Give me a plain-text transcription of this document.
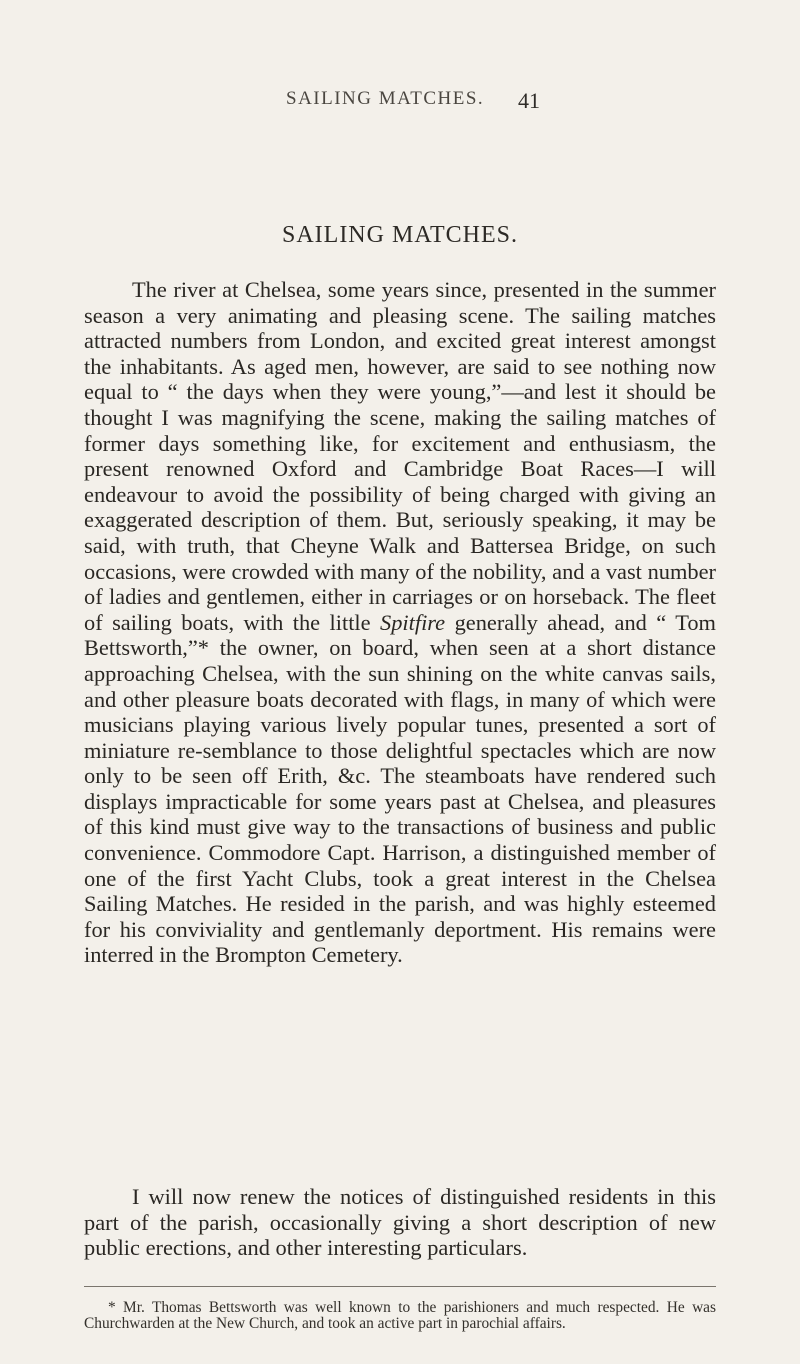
SAILING MATCHES. 41
SAILING MATCHES.

The river at Chelsea, some years since, presented in the summer season a very animating and pleasing scene. The sailing matches attracted numbers from London, and excited great interest amongst the inhabitants. As aged men, however, are said to see nothing now equal to “ the days when they were young,”—and lest it should be thought I was magnifying the scene, making the sailing matches of former days something like, for excitement and enthusiasm, the present renowned Oxford and Cambridge Boat Races—I will endeavour to avoid the possibility of being charged with giving an exaggerated description of them. But, seriously speaking, it may be said, with truth, that Cheyne Walk and Battersea Bridge, on such occasions, were crowded with many of the nobility, and a vast number of ladies and gentlemen, either in carriages or on horseback. The fleet of sailing boats, with the little Spitfire generally ahead, and “ Tom Bettsworth,”* the owner, on board, when seen at a short distance approaching Chelsea, with the sun shining on the white canvas sails, and other pleasure boats decorated with flags, in many of which were musicians playing various lively popular tunes, presented a sort of miniature re-semblance to those delightful spectacles which are now only to be seen off Erith, &c. The steamboats have rendered such displays impracticable for some years past at Chelsea, and pleasures of this kind must give way to the transactions of business and public convenience. Commodore Capt. Harrison, a distinguished member of one of the first Yacht Clubs, took a great interest in the Chelsea Sailing Matches. He resided in the parish, and was highly esteemed for his conviviality and gentlemanly deportment. His remains were interred in the Brompton Cemetery.

I will now renew the notices of distinguished residents in this part of the parish, occasionally giving a short description of new public erections, and other interesting particulars.

* Mr. Thomas Bettsworth was well known to the parishioners and much respected. He was Churchwarden at the New Church, and took an active part in parochial affairs.
